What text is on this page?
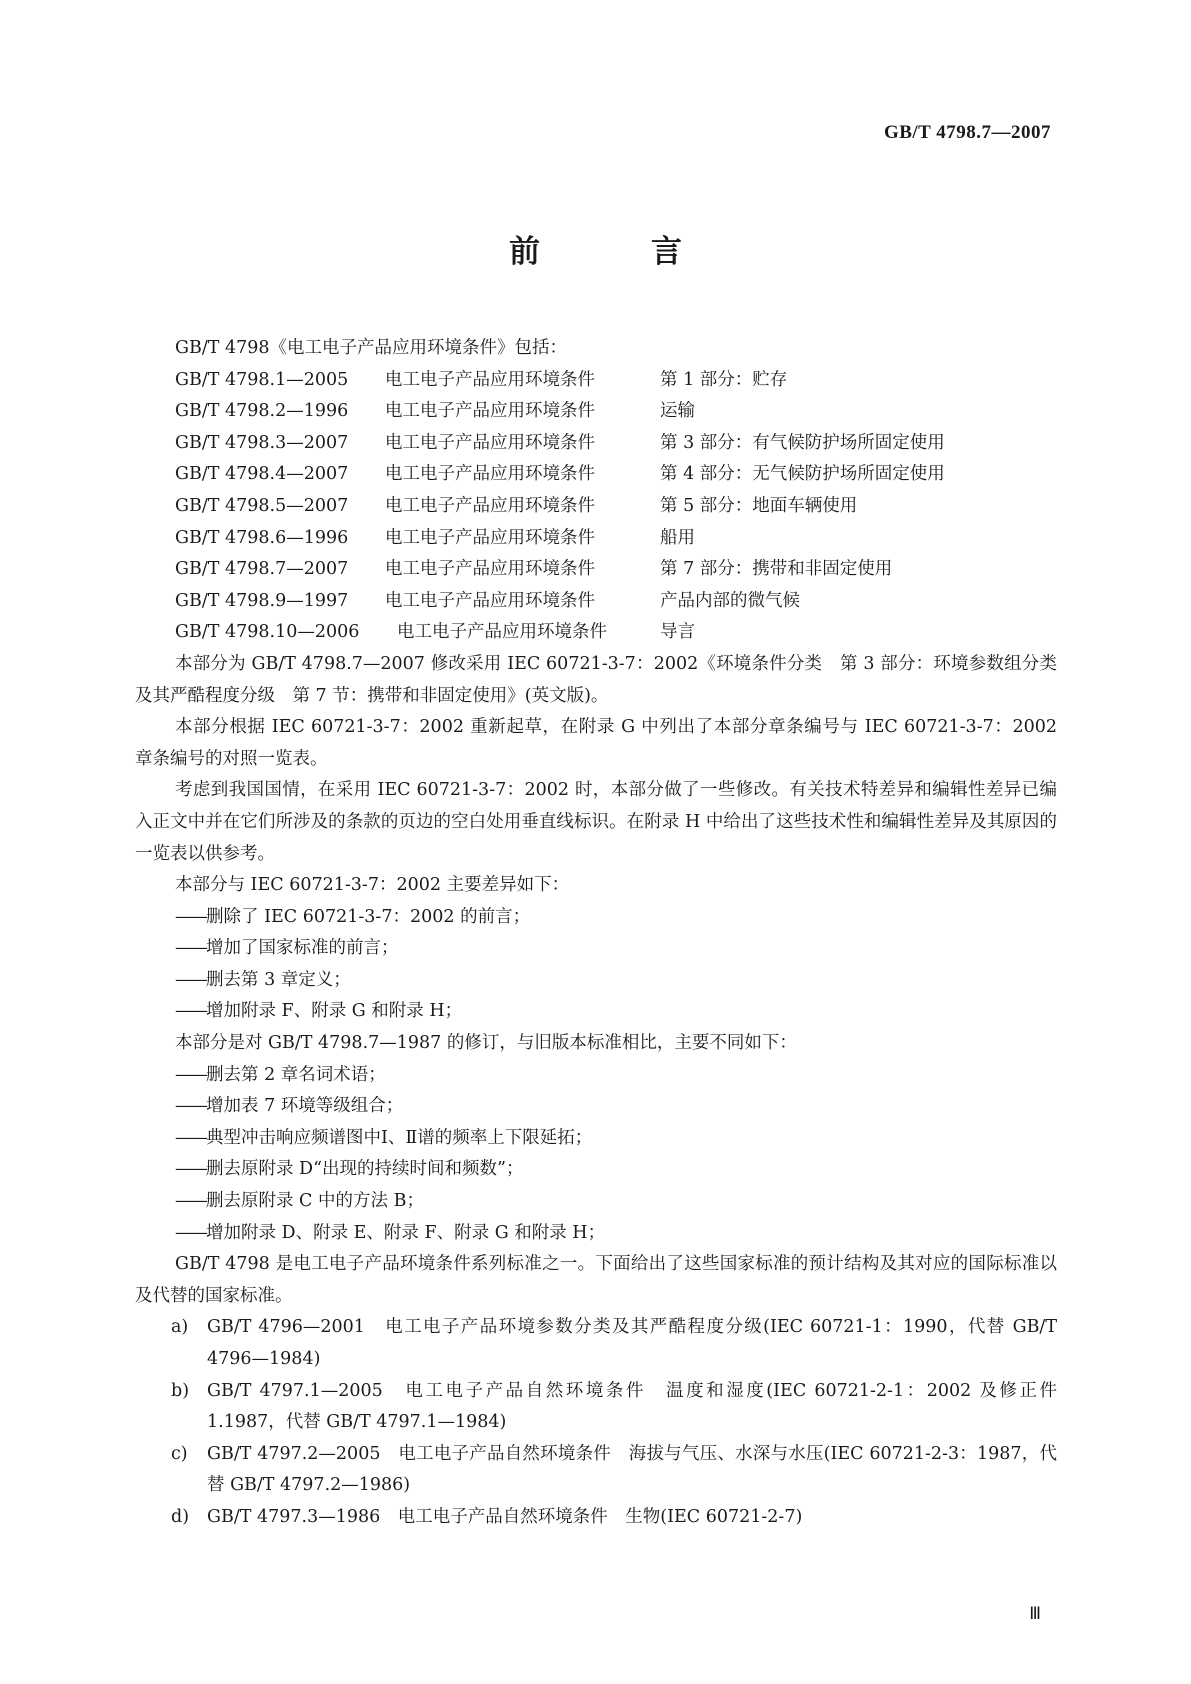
GB/T 4798.7—2007
前　言

GB/T 4798《电工电子产品应用环境条件》包括：

GB/T 4798.1—2005 电工电子产品应用环境条件	第 1 部分：贮存
GB/T 4798.2—1996 电工电子产品应用环境条件	运输
GB/T 4798.3—2007 电工电子产品应用环境条件	第 3 部分：有气候防护场所固定使用
GB/T 4798.4—2007 电工电子产品应用环境条件	第 4 部分：无气候防护场所固定使用
GB/T 4798.5—2007 电工电子产品应用环境条件	第 5 部分：地面车辆使用
GB/T 4798.6—1996 电工电子产品应用环境条件	船用
GB/T 4798.7—2007 电工电子产品应用环境条件	第 7 部分：携带和非固定使用
GB/T 4798.9—1997 电工电子产品应用环境条件	产品内部的微气候
GB/T 4798.10—2006 电工电子产品应用环境条件	导言

本部分为 GB/T 4798.7—2007 修改采用 IEC 60721-3-7：2002《环境条件分类　第 3 部分：环境参数组分类及其严酷程度分级　第 7 节：携带和非固定使用》(英文版)。

本部分根据 IEC 60721-3-7：2002 重新起草，在附录 G 中列出了本部分章条编号与 IEC 60721-3-7：2002 章条编号的对照一览表。

考虑到我国国情，在采用 IEC 60721-3-7：2002 时，本部分做了一些修改。有关技术特差异和编辑性差异已编入正文中并在它们所涉及的条款的页边的空白处用垂直线标识。在附录 H 中给出了这些技术性和编辑性差异及其原因的一览表以供参考。

本部分与 IEC 60721-3-7：2002 主要差异如下：

——删除了 IEC 60721-3-7：2002 的前言；
——增加了国家标准的前言；
——删去第 3 章定义；
——增加附录 F、附录 G 和附录 H；

本部分是对 GB/T 4798.7—1987 的修订，与旧版本标准相比，主要不同如下：

——删去第 2 章名词术语；
——增加表 7 环境等级组合；
——典型冲击响应频谱图中Ⅰ、Ⅱ谱的频率上下限延拓；
——删去原附录 D“出现的持续时间和频数”；
——删去原附录 C 中的方法 B；
——增加附录 D、附录 E、附录 F、附录 G 和附录 H；

GB/T 4798 是电工电子产品环境条件系列标准之一。下面给出了这些国家标准的预计结构及其对应的国际标准以及代替的国家标准。

a) GB/T 4796—2001　电工电子产品环境参数分类及其严酷程度分级(IEC 60721-1：1990，代替 GB/T 4796—1984)
b) GB/T 4797.1—2005　电工电子产品自然环境条件　温度和湿度(IEC 60721-2-1：2002 及修正件 1.1987，代替 GB/T 4797.1—1984)
c) GB/T 4797.2—2005　电工电子产品自然环境条件　海拔与气压、水深与水压(IEC 60721-2-3：1987，代替 GB/T 4797.2—1986)
d) GB/T 4797.3—1986　电工电子产品自然环境条件　生物(IEC 60721-2-7)
Ⅲ
